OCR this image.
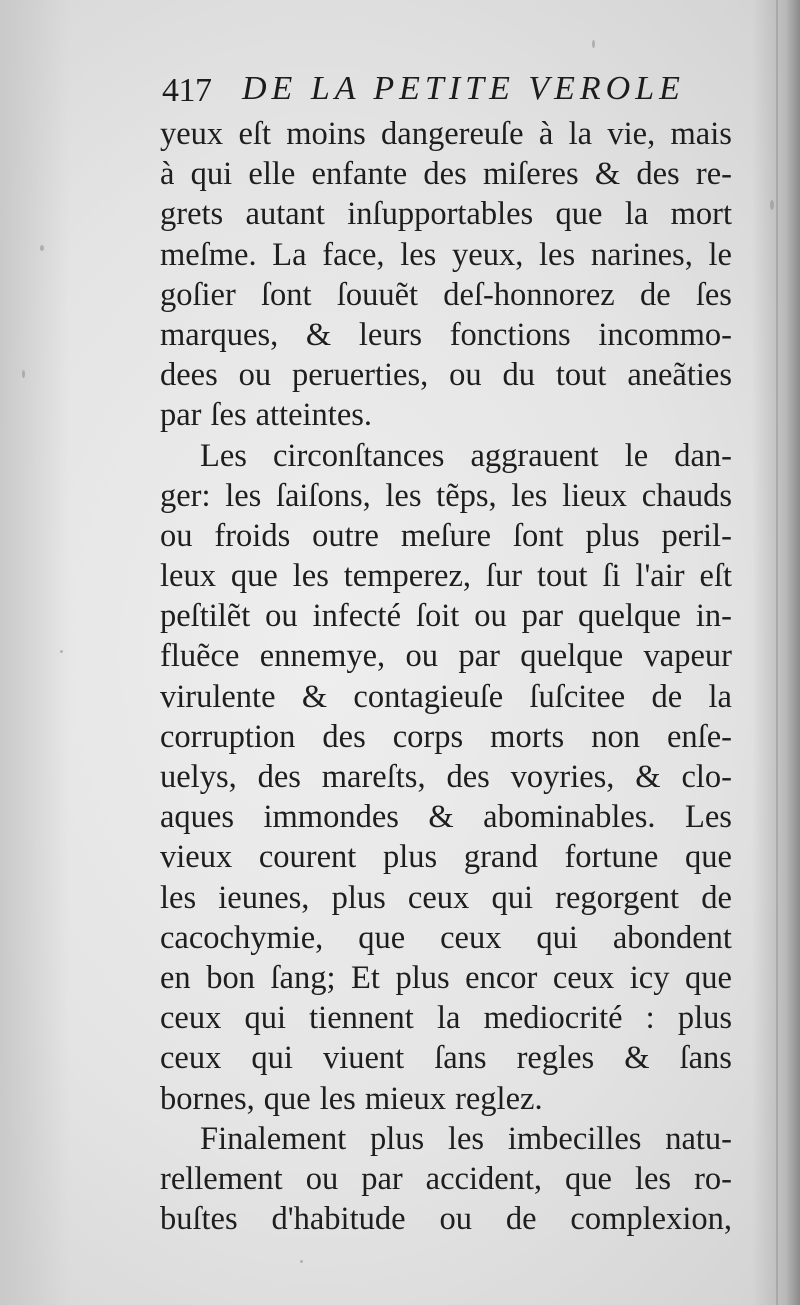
417 DE LA PETITE VEROLE
yeux eſt moins dangereuſe à la vie, mais
à qui elle enfante des miſeres & des re-
grets autant inſupportables que la mort
meſme. La face, les yeux, les narines, le
goſier ſont ſouuẽt deſ-honnorez de ſes
marques, & leurs fonctions incommo-
dees ou peruerties, ou du tout aneãties
par ſes atteintes.
Les circonſtances aggrauent le dan-
ger: les ſaiſons, les tẽps, les lieux chauds
ou froids outre meſure ſont plus peril-
leux que les temperez, ſur tout ſi l'air eſt
peſtilẽt ou infecté ſoit ou par quelque in-
fluẽce ennemye, ou par quelque vapeur
virulente & contagieuſe ſuſcitee de la
corruption des corps morts non enſe-
uelys, des mareſts, des voyries, & clo-
aques immondes & abominables. Les
vieux courent plus grand fortune que
les ieunes, plus ceux qui regorgent de
cacochymie, que ceux qui abondent
en bon ſang; Et plus encor ceux icy que
ceux qui tiennent la mediocrité : plus
ceux qui viuent ſans regles & ſans
bornes, que les mieux reglez.
Finalement plus les imbecilles natu-
rellement ou par accident, que les ro-
buſtes d'habitude ou de complexion,
